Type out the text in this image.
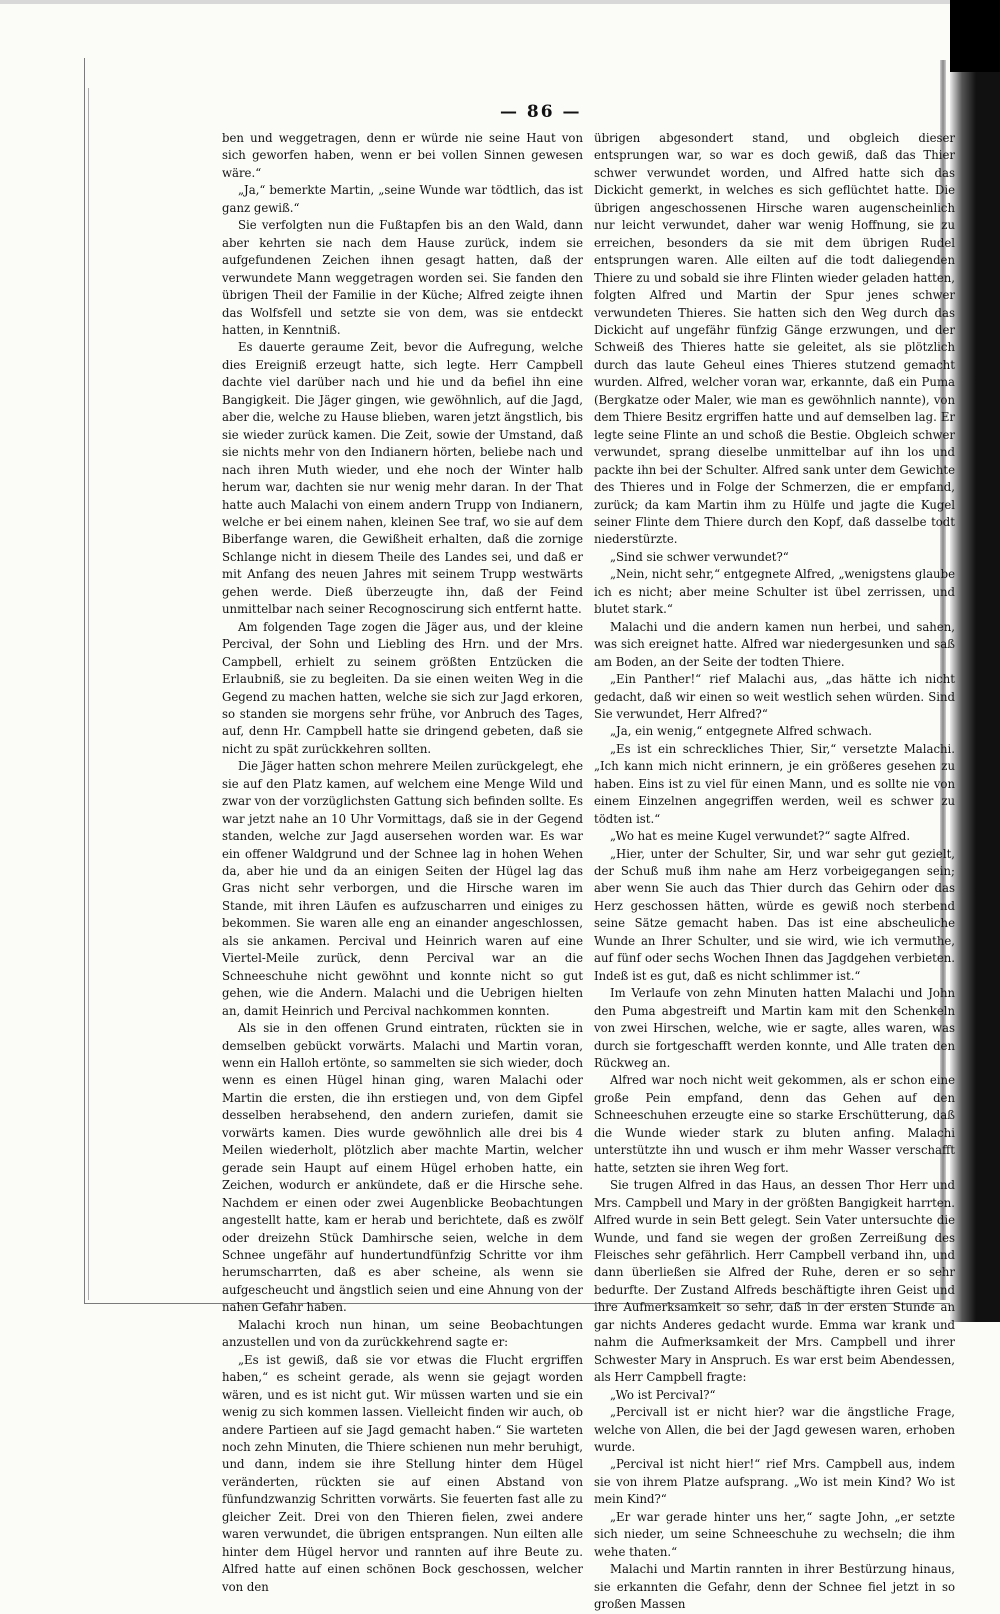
— 86 —

ben und weggetragen, denn er würde nie seine Haut von sich geworfen haben, wenn er bei vollen Sinnen gewesen wäre.“

„Ja,“ bemerkte Martin, „seine Wunde war tödtlich, das ist ganz gewiß.“

Sie verfolgten nun die Fußtapfen bis an den Wald, dann aber kehrten sie nach dem Hause zurück, indem sie aufgefundenen Zeichen ihnen gesagt hatten, daß der verwundete Mann weggetragen worden sei. Sie fanden den übrigen Theil der Familie in der Küche; Alfred zeigte ihnen das Wolfsfell und setzte sie von dem, was sie entdeckt hatten, in Kenntniß.

Es dauerte geraume Zeit, bevor die Aufregung, welche dies Ereigniß erzeugt hatte, sich legte. Herr Campbell dachte viel darüber nach und hie und da befiel ihn eine Bangigkeit. Die Jäger gingen, wie gewöhnlich, auf die Jagd, aber die, welche zu Hause blieben, waren jetzt ängstlich, bis sie wieder zurück kamen. Die Zeit, sowie der Umstand, daß sie nichts mehr von den Indianern hörten, beliebe nach und nach ihren Muth wieder, und ehe noch der Winter halb herum war, dachten sie nur wenig mehr daran. In der That hatte auch Malachi von einem andern Trupp von Indianern, welche er bei einem nahen, kleinen See traf, wo sie auf dem Biberfange waren, die Gewißheit erhalten, daß die zornige Schlange nicht in diesem Theile des Landes sei, und daß er mit Anfang des neuen Jahres mit seinem Trupp westwärts gehen werde. Dieß überzeugte ihn, daß der Feind unmittelbar nach seiner Recognoscirung sich entfernt hatte.

Am folgenden Tage zogen die Jäger aus, und der kleine Percival, der Sohn und Liebling des Hrn. und der Mrs. Campbell, erhielt zu seinem größten Entzücken die Erlaubniß, sie zu begleiten. Da sie einen weiten Weg in die Gegend zu machen hatten, welche sie sich zur Jagd erkoren, so standen sie morgens sehr frühe, vor Anbruch des Tages, auf, denn Hr. Campbell hatte sie dringend gebeten, daß sie nicht zu spät zurückkehren sollten.

Die Jäger hatten schon mehrere Meilen zurückgelegt, ehe sie auf den Platz kamen, auf welchem eine Menge Wild und zwar von der vorzüglichsten Gattung sich befinden sollte. Es war jetzt nahe an 10 Uhr Vormittags, daß sie in der Gegend standen, welche zur Jagd ausersehen worden war. Es war ein offener Waldgrund und der Schnee lag in hohen Wehen da, aber hie und da an einigen Seiten der Hügel lag das Gras nicht sehr verborgen, und die Hirsche waren im Stande, mit ihren Läufen es aufzuscharren und einiges zu bekommen. Sie waren alle eng an einander angeschlossen, als sie ankamen. Percival und Heinrich waren auf eine Viertel-Meile zurück, denn Percival war an die Schneeschuhe nicht gewöhnt und konnte nicht so gut gehen, wie die Andern. Malachi und die Uebrigen hielten an, damit Heinrich und Percival nachkommen konnten.

Als sie in den offenen Grund eintraten, rückten sie in demselben gebückt vorwärts. Malachi und Martin voran, wenn ein Halloh ertönte, so sammelten sie sich wieder, doch wenn es einen Hügel hinan ging, waren Malachi oder Martin die ersten, die ihn erstiegen und, von dem Gipfel desselben herabsehend, den andern zuriefen, damit sie vorwärts kamen. Dies wurde gewöhnlich alle drei bis 4 Meilen wiederholt, plötzlich aber machte Martin, welcher gerade sein Haupt auf einem Hügel erhoben hatte, ein Zeichen, wodurch er ankündete, daß er die Hirsche sehe. Nachdem er einen oder zwei Augenblicke Beobachtungen angestellt hatte, kam er herab und berichtete, daß es zwölf oder dreizehn Stück Damhirsche seien, welche in dem Schnee ungefähr auf hundertundfünfzig Schritte vor ihm herumscharrten, daß es aber scheine, als wenn sie aufgescheucht und ängstlich seien und eine Ahnung von der nahen Gefahr haben.

Malachi kroch nun hinan, um seine Beobachtungen anzustellen und von da zurückkehrend sagte er:

„Es ist gewiß, daß sie vor etwas die Flucht ergriffen haben,“ es scheint gerade, als wenn sie gejagt worden wären, und es ist nicht gut. Wir müssen warten und sie ein wenig zu sich kommen lassen. Vielleicht finden wir auch, ob andere Partieen auf sie Jagd gemacht haben.“ Sie warteten noch zehn Minuten, die Thiere schienen nun mehr beruhigt, und dann, indem sie ihre Stellung hinter dem Hügel veränderten, rückten sie auf einen Abstand von fünfundzwanzig Schritten vorwärts. Sie feuerten fast alle zu gleicher Zeit. Drei von den Thieren fielen, zwei andere waren verwundet, die übrigen entsprangen. Nun eilten alle hinter dem Hügel hervor und rannten auf ihre Beute zu. Alfred hatte auf einen schönen Bock geschossen, welcher von den

übrigen abgesondert stand, und obgleich dieser entsprungen war, so war es doch gewiß, daß das Thier schwer verwundet worden, und Alfred hatte sich das Dickicht gemerkt, in welches es sich geflüchtet hatte. Die übrigen angeschossenen Hirsche waren augenscheinlich nur leicht verwundet, daher war wenig Hoffnung, sie zu erreichen, besonders da sie mit dem übrigen Rudel entsprungen waren. Alle eilten auf die todt daliegenden Thiere zu und sobald sie ihre Flinten wieder geladen hatten, folgten Alfred und Martin der Spur jenes schwer verwundeten Thieres. Sie hatten sich den Weg durch das Dickicht auf ungefähr fünfzig Gänge erzwungen, und der Schweiß des Thieres hatte sie geleitet, als sie plötzlich durch das laute Geheul eines Thieres stutzend gemacht wurden. Alfred, welcher voran war, erkannte, daß ein Puma (Bergkatze oder Maler, wie man es gewöhnlich nannte), von dem Thiere Besitz ergriffen hatte und auf demselben lag. Er legte seine Flinte an und schoß die Bestie. Obgleich schwer verwundet, sprang dieselbe unmittelbar auf ihn los und packte ihn bei der Schulter. Alfred sank unter dem Gewichte des Thieres und in Folge der Schmerzen, die er empfand, zurück; da kam Martin ihm zu Hülfe und jagte die Kugel seiner Flinte dem Thiere durch den Kopf, daß dasselbe todt niederstürzte.

„Sind sie schwer verwundet?“

„Nein, nicht sehr,“ entgegnete Alfred, „wenigstens glaube ich es nicht; aber meine Schulter ist übel zerrissen, und blutet stark.“

Malachi und die andern kamen nun herbei, und sahen, was sich ereignet hatte. Alfred war niedergesunken und saß am Boden, an der Seite der todten Thiere.

„Ein Panther!“ rief Malachi aus, „das hätte ich nicht gedacht, daß wir einen so weit westlich sehen würden. Sind Sie verwundet, Herr Alfred?“

„Ja, ein wenig,“ entgegnete Alfred schwach.

„Es ist ein schreckliches Thier, Sir,“ versetzte Malachi. „Ich kann mich nicht erinnern, je ein größeres gesehen zu haben. Eins ist zu viel für einen Mann, und es sollte nie von einem Einzelnen angegriffen werden, weil es schwer zu tödten ist.“

„Wo hat es meine Kugel verwundet?“ sagte Alfred.

„Hier, unter der Schulter, Sir, und war sehr gut gezielt, der Schuß muß ihm nahe am Herz vorbeigegangen sein; aber wenn Sie auch das Thier durch das Gehirn oder das Herz geschossen hätten, würde es gewiß noch sterbend seine Sätze gemacht haben. Das ist eine abscheuliche Wunde an Ihrer Schulter, und sie wird, wie ich vermuthe, auf fünf oder sechs Wochen Ihnen das Jagdgehen verbieten. Indeß ist es gut, daß es nicht schlimmer ist.“

Im Verlaufe von zehn Minuten hatten Malachi und John den Puma abgestreift und Martin kam mit den Schenkeln von zwei Hirschen, welche, wie er sagte, alles waren, was durch sie fortgeschafft werden konnte, und Alle traten den Rückweg an.

Alfred war noch nicht weit gekommen, als er schon eine große Pein empfand, denn das Gehen auf den Schneeschuhen erzeugte eine so starke Erschütterung, daß die Wunde wieder stark zu bluten anfing. Malachi unterstützte ihn und wusch er ihm mehr Wasser verschafft hatte, setzten sie ihren Weg fort.

Sie trugen Alfred in das Haus, an dessen Thor Herr und Mrs. Campbell und Mary in der größten Bangigkeit harrten. Alfred wurde in sein Bett gelegt. Sein Vater untersuchte die Wunde, und fand sie wegen der großen Zerreißung des Fleisches sehr gefährlich. Herr Campbell verband ihn, und dann überließen sie Alfred der Ruhe, deren er so sehr bedurfte. Der Zustand Alfreds beschäftigte ihren Geist und ihre Aufmerksamkeit so sehr, daß in der ersten Stunde an gar nichts Anderes gedacht wurde. Emma war krank und nahm die Aufmerksamkeit der Mrs. Campbell und ihrer Schwester Mary in Anspruch. Es war erst beim Abendessen, als Herr Campbell fragte:

„Wo ist Percival?“

„Percivall ist er nicht hier? war die ängstliche Frage, welche von Allen, die bei der Jagd gewesen waren, erhoben wurde.

„Percival ist nicht hier!“ rief Mrs. Campbell aus, indem sie von ihrem Platze aufsprang. „Wo ist mein Kind? Wo ist mein Kind?“

„Er war gerade hinter uns her,“ sagte John, „er setzte sich nieder, um seine Schneeschuhe zu wechseln; die ihm wehe thaten.“

Malachi und Martin rannten in ihrer Bestürzung hinaus, sie erkannten die Gefahr, denn der Schnee fiel jetzt in so großen Massen
